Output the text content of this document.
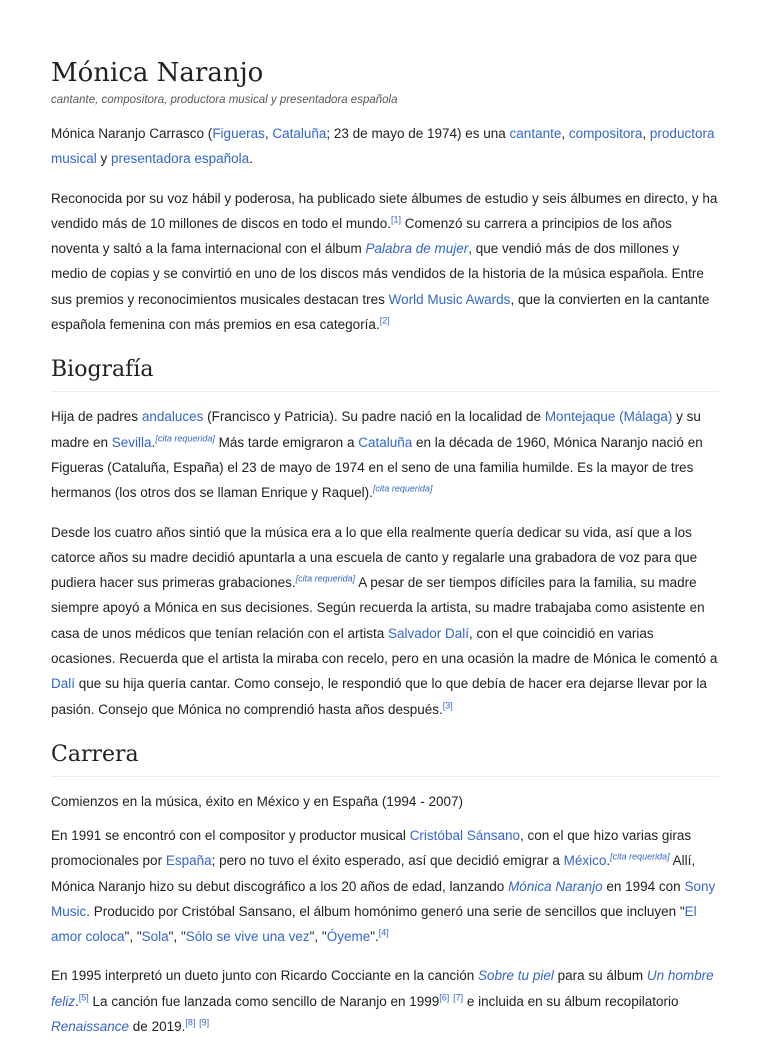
Mónica Naranjo
cantante, compositora, productora musical y presentadora española

Mónica Naranjo Carrasco (Figueras, Cataluña; 23 de mayo de 1974) es una cantante, compositora, productora musical y presentadora española.

Reconocida por su voz hábil y poderosa, ha publicado siete álbumes de estudio y seis álbumes en directo, y ha vendido más de 10 millones de discos en todo el mundo.[1] Comenzó su carrera a principios de los años noventa y saltó a la fama internacional con el álbum Palabra de mujer, que vendió más de dos millones y medio de copias y se convirtió en uno de los discos más vendidos de la historia de la música española. Entre sus premios y reconocimientos musicales destacan tres World Music Awards, que la convierten en la cantante española femenina con más premios en esa categoría.[2]

Biografía

Hija de padres andaluces (Francisco y Patricia). Su padre nació en la localidad de Montejaque (Málaga) y su madre en Sevilla.[cita requerida] Más tarde emigraron a Cataluña en la década de 1960, Mónica Naranjo nació en Figueras (Cataluña, España) el 23 de mayo de 1974 en el seno de una familia humilde. Es la mayor de tres hermanos (los otros dos se llaman Enrique y Raquel).[cita requerida]

Desde los cuatro años sintió que la música era a lo que ella realmente quería dedicar su vida, así que a los catorce años su madre decidió apuntarla a una escuela de canto y regalarle una grabadora de voz para que pudiera hacer sus primeras grabaciones.[cita requerida] A pesar de ser tiempos difíciles para la familia, su madre siempre apoyó a Mónica en sus decisiones. Según recuerda la artista, su madre trabajaba como asistente en casa de unos médicos que tenían relación con el artista Salvador Dalí, con el que coincidió en varias ocasiones. Recuerda que el artista la miraba con recelo, pero en una ocasión la madre de Mónica le comentó a Dalí que su hija quería cantar. Como consejo, le respondió que lo que debía de hacer era dejarse llevar por la pasión. Consejo que Mónica no comprendió hasta años después.[3]

Carrera
Comienzos en la música, éxito en México y en España (1994 - 2007)

En 1991 se encontró con el compositor y productor musical Cristóbal Sánsano, con el que hizo varias giras promocionales por España; pero no tuvo el éxito esperado, así que decidió emigrar a México.[cita requerida] Allí, Mónica Naranjo hizo su debut discográfico a los 20 años de edad, lanzando Mónica Naranjo en 1994 con Sony Music. Producido por Cristóbal Sansano, el álbum homónimo generó una serie de sencillos que incluyen "El amor coloca", "Sola", "Sólo se vive una vez", "Óyeme".[4]

En 1995 interpretó un dueto junto con Ricardo Cocciante en la canción Sobre tu piel para su álbum Un hombre feliz.[5] La canción fue lanzada como sencillo de Naranjo en 1999[6] [7] e incluida en su álbum recopilatorio Renaissance de 2019.[8] [9]
